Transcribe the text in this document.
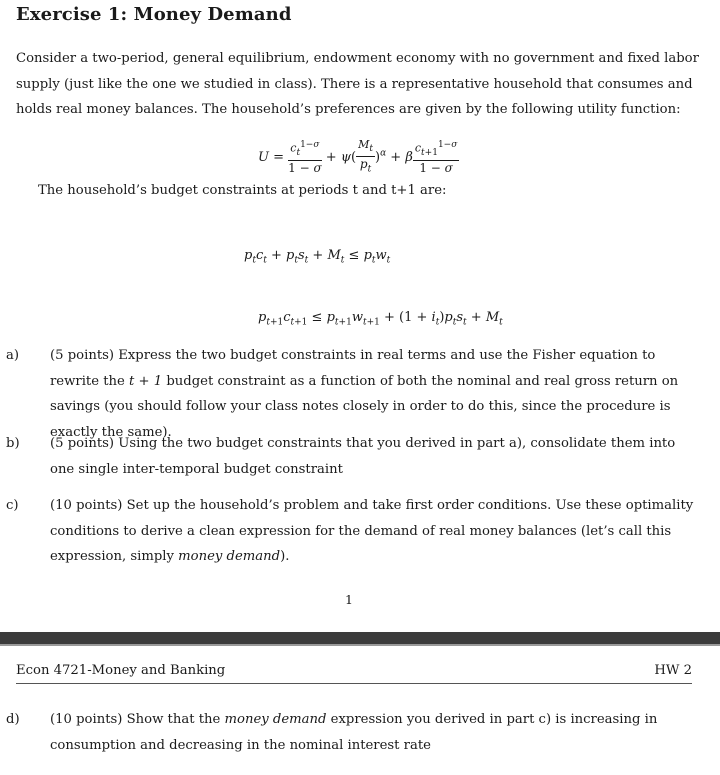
Exercise 1: Money Demand

Consider a two-period, general equilibrium, endowment economy with no government and fixed labor supply (just like the one we studied in class). There is a representative household that consumes and holds real money balances. The household’s preferences are given by the following utility function:

$U = \frac{c_t^{1-\sigma}}{1 - \sigma} + \psi( \frac{M_t}{p_t} )^\alpha + \beta \frac{c_{t+1}^{1-\sigma}}{1 - \sigma}$

The household’s budget constraints at periods t and t+1 are:

$p_tc_t + p_ts_t + M_t \le p_tw_t$
$p_{t+1}c_{t+1} \le p_{t+1}w_{t+1} + (1 + i_t)p_ts_t + M_t$
a) (5 points) Express the two budget constraints in real terms and use the Fisher equation to rewrite the t + 1 budget constraint as a function of both the nominal and real gross return on savings (you should follow your class notes closely in order to do this, since the procedure is exactly the same).
b) (5 points) Using the two budget constraints that you derived in part a), consolidate them into one single inter-temporal budget constraint
c) (10 points) Set up the household’s problem and take first order conditions. Use these optimality conditions to derive a clean expression for the demand of real money balances (let’s call this expression, simply money demand).
1
Econ 4721-Money and Banking	HW 2
d) (10 points) Show that the money demand expression you derived in part c) is increasing in consumption and decreasing in the nominal interest rate
